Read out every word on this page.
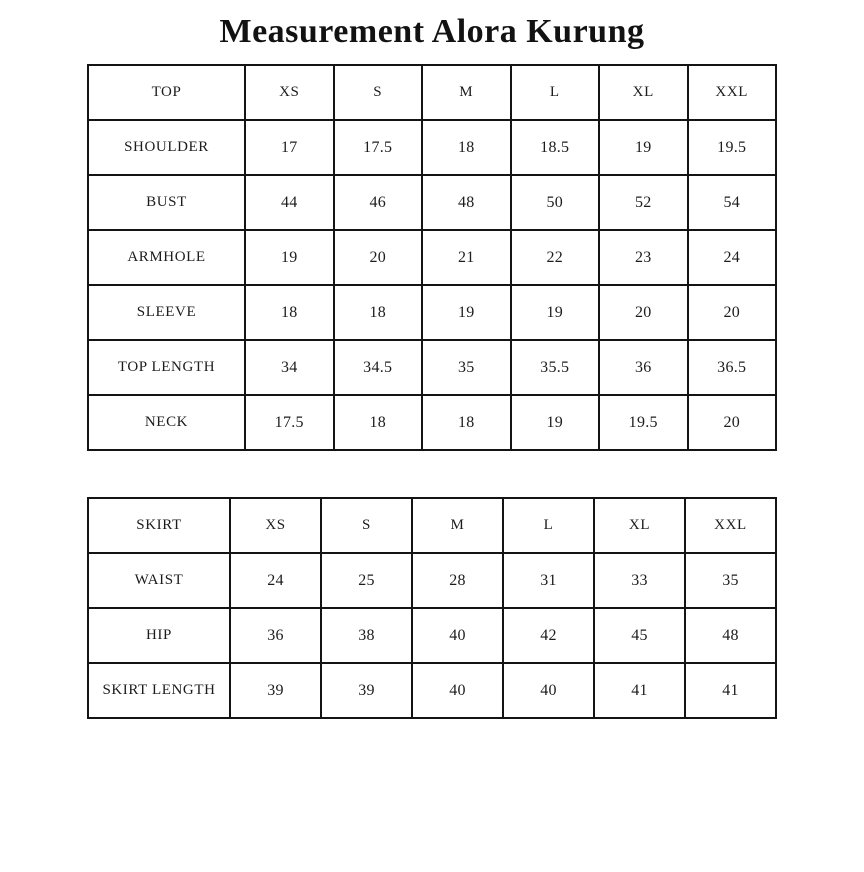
Measurement Alora Kurung
TOP	XS	S	M	L	XL	XXL
SHOULDER	17	17.5	18	18.5	19	19.5
BUST	44	46	48	50	52	54
ARMHOLE	19	20	21	22	23	24
SLEEVE	18	18	19	19	20	20
TOP LENGTH	34	34.5	35	35.5	36	36.5
NECK	17.5	18	18	19	19.5	20
SKIRT	XS	S	M	L	XL	XXL
WAIST	24	25	28	31	33	35
HIP	36	38	40	42	45	48
SKIRT LENGTH	39	39	40	40	41	41
